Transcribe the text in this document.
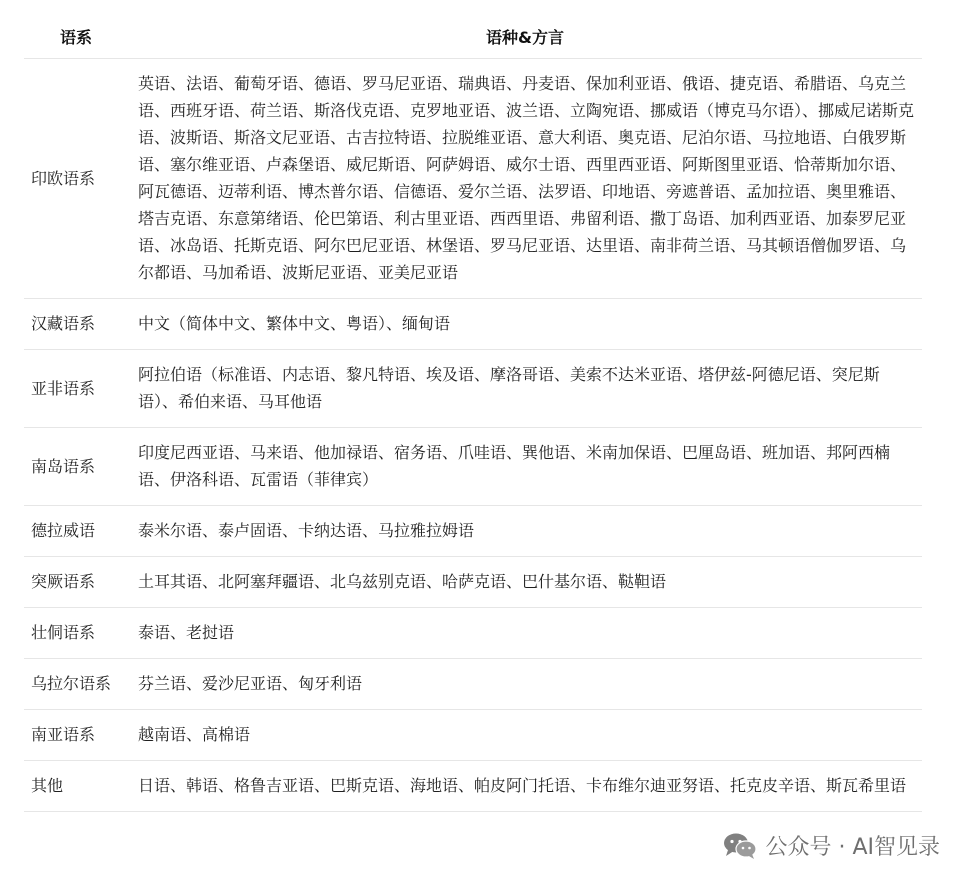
语系	语种&方言
印欧语系	英语、法语、葡萄牙语、德语、罗马尼亚语、瑞典语、丹麦语、保加利亚语、俄语、捷克语、希腊语、乌克兰语、西班牙语、荷兰语、斯洛伐克语、克罗地亚语、波兰语、立陶宛语、挪威语（博克马尔语）、挪威尼诺斯克语、波斯语、斯洛文尼亚语、古吉拉特语、拉脱维亚语、意大利语、奥克语、尼泊尔语、马拉地语、白俄罗斯语、塞尔维亚语、卢森堡语、威尼斯语、阿萨姆语、威尔士语、西里西亚语、阿斯图里亚语、恰蒂斯加尔语、阿瓦德语、迈蒂利语、博杰普尔语、信德语、爱尔兰语、法罗语、印地语、旁遮普语、孟加拉语、奥里雅语、塔吉克语、东意第绪语、伦巴第语、利古里亚语、西西里语、弗留利语、撒丁岛语、加利西亚语、加泰罗尼亚语、冰岛语、托斯克语、阿尔巴尼亚语、林堡语、罗马尼亚语、达里语、南非荷兰语、马其顿语僧伽罗语、乌尔都语、马加希语、波斯尼亚语、亚美尼亚语
汉藏语系	中文（简体中文、繁体中文、粤语）、缅甸语
亚非语系	阿拉伯语（标准语、内志语、黎凡特语、埃及语、摩洛哥语、美索不达米亚语、塔伊兹-阿德尼语、突尼斯语）、希伯来语、马耳他语
南岛语系	印度尼西亚语、马来语、他加禄语、宿务语、爪哇语、巽他语、米南加保语、巴厘岛语、班加语、邦阿西楠语、伊洛科语、瓦雷语（菲律宾）
德拉威语	泰米尔语、泰卢固语、卡纳达语、马拉雅拉姆语
突厥语系	土耳其语、北阿塞拜疆语、北乌兹别克语、哈萨克语、巴什基尔语、鞑靼语
壮侗语系	泰语、老挝语
乌拉尔语系	芬兰语、爱沙尼亚语、匈牙利语
南亚语系	越南语、高棉语
其他	日语、韩语、格鲁吉亚语、巴斯克语、海地语、帕皮阿门托语、卡布维尔迪亚努语、托克皮辛语、斯瓦希里语
公众号 · AI智见录
